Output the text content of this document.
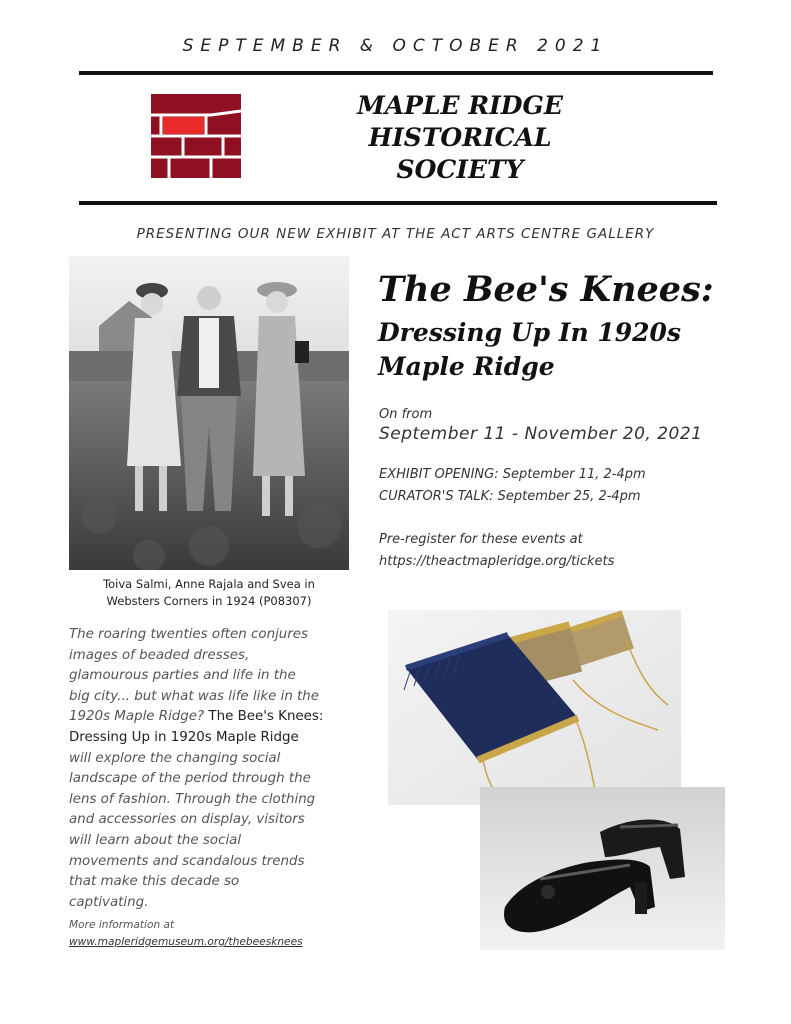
SEPTEMBER & OCTOBER 2021
MAPLE RIDGE
HISTORICAL
SOCIETY
PRESENTING OUR NEW EXHIBIT AT THE ACT ARTS CENTRE GALLERY
Toiva Salmi, Anne Rajala and Svea in
Websters Corners in 1924 (P08307)
The Bee's Knees:
Dressing Up In 1920s
Maple Ridge
On from
September 11 - November 20, 2021
EXHIBIT OPENING: September 11, 2-4pm
CURATOR'S TALK: September 25, 2-4pm
Pre-register for these events at
https://theactmapleridge.org/tickets
The roaring twenties often conjures
images of beaded dresses,
glamourous parties and life in the
big city... but what was life like in the
1920s Maple Ridge? The Bee's Knees:
Dressing Up in 1920s Maple Ridge
will explore the changing social
landscape of the period through the
lens of fashion. Through the clothing
and accessories on display, visitors
will learn about the social
movements and scandalous trends
that make this decade so
captivating.
More information at
www.mapleridgemuseum.org/thebeesknees
